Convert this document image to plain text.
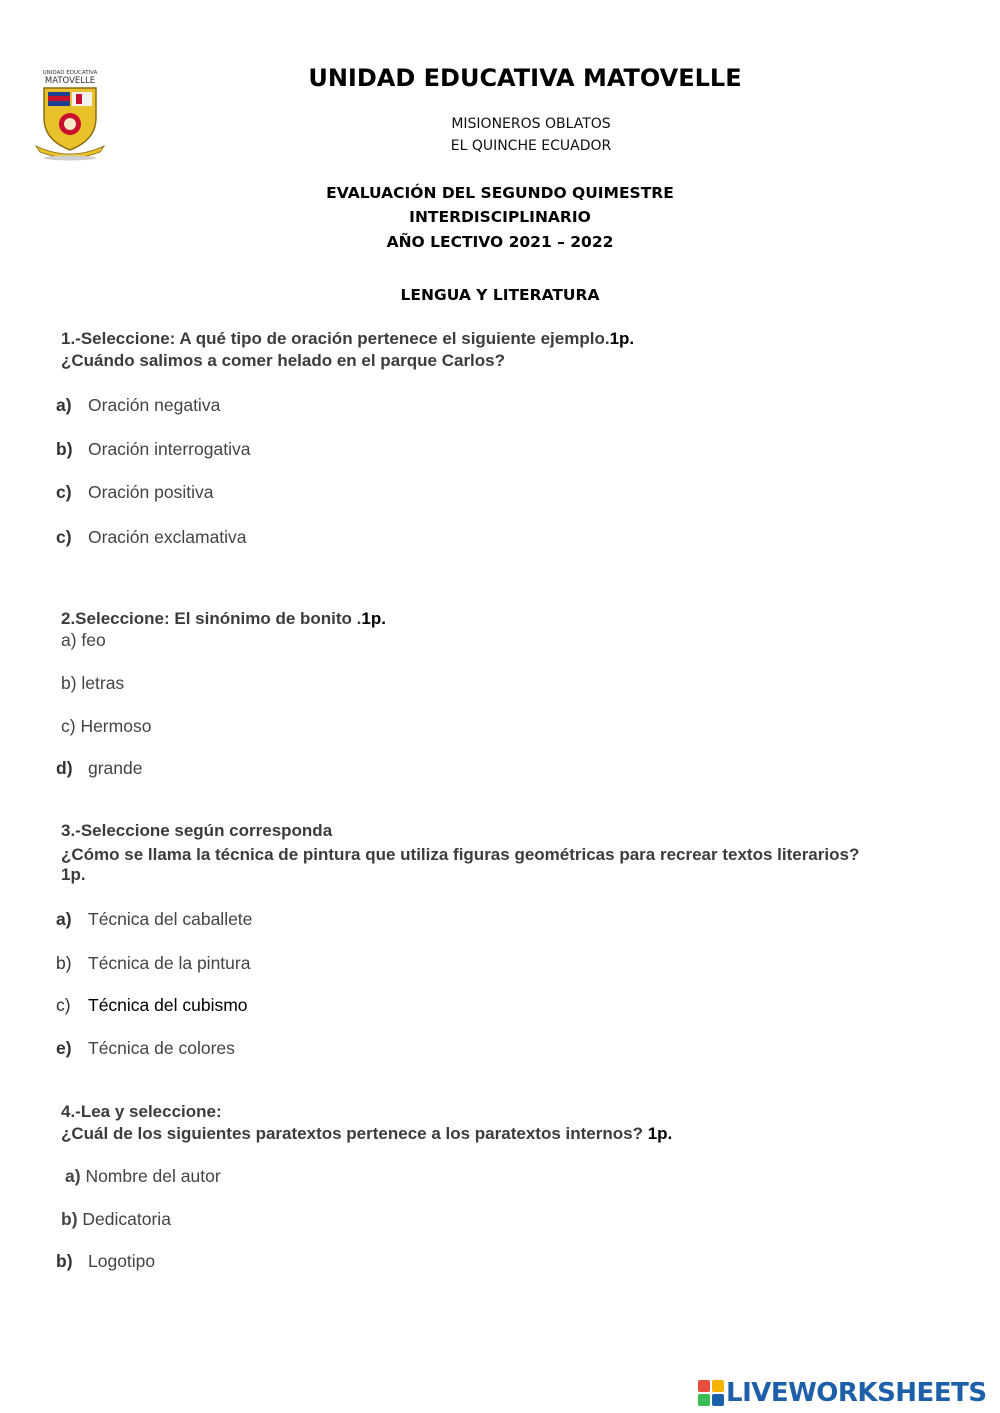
UNIDAD EDUCATIVA
MATOVELLE	UNIDAD EDUCATIVA MATOVELLE
MISIONEROS OBLATOS
EL QUINCHE ECUADOR
EVALUACIÓN DEL SEGUNDO QUIMESTRE
INTERDISCIPLINARIO
AÑO LECTIVO 2021 – 2022
LENGUA Y LITERATURA
1.-Seleccione: A qué tipo de oración pertenece el siguiente ejemplo.1p.
¿Cuándo salimos a comer helado en el parque Carlos?
a) Oración negativa
b) Oración interrogativa
c) Oración positiva
c) Oración exclamativa
2.Seleccione: El sinónimo de bonito .1p.
a) feo
b) letras
c) Hermoso
d) grande
3.-Seleccione según corresponda
¿Cómo se llama la técnica de pintura que utiliza figuras geométricas para recrear textos literarios?
1p.
a) Técnica del caballete
b) Técnica de la pintura
c) Técnica del cubismo
e) Técnica de colores
4.-Lea y seleccione:
¿Cuál de los siguientes paratextos pertenece a los paratextos internos? 1p.
a) Nombre del autor
b) Dedicatoria
b) Logotipo
LIVEWORKSHEETS
